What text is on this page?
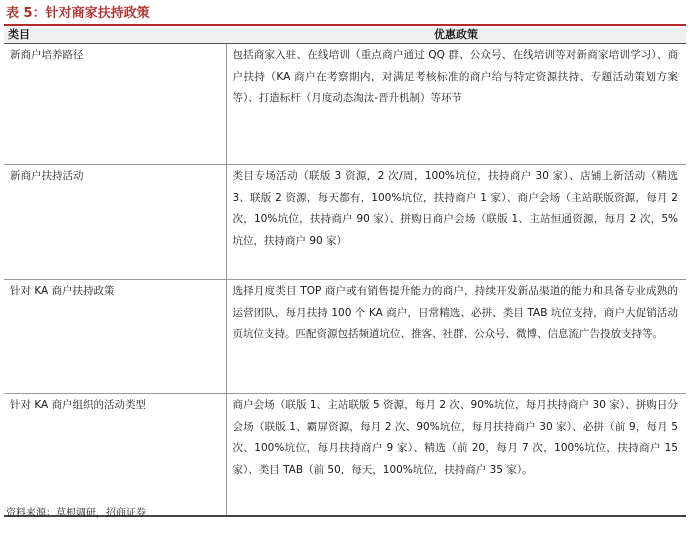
表 5：针对商家扶持政策
类目	优惠政策
新商户培养路径	包括商家入驻、在线培训（重点商户通过 QQ 群、公众号、在线培训等对新商家培训学习）、商户扶持（KA 商户在考察期内，对满足考核标准的商户给与特定资源扶持、专题活动策划方案等）、打造标杆（月度动态淘汰-晋升机制）等环节
新商户扶持活动	类目专场活动（联版 3 资源，2 次/周，100%坑位，扶持商户 30 家）、店铺上新活动（精选 3、联版 2 资源，每天都有，100%坑位，扶持商户 1 家）、商户会场（主站联版资源，每月 2 次，10%坑位，扶持商户 90 家）、拼购日商户会场（联版 1、主站恒通资源，每月 2 次，5%坑位，扶持商户 90 家）
针对 KA 商户扶持政策	选择月度类目 TOP 商户或有销售提升能力的商户，持续开发新品渠道的能力和具备专业成熟的运营团队，每月扶持 100 个 KA 商户，日常精选、必拼、类目 TAB 坑位支持，商户大促销活动页坑位支持。匹配资源包括频道坑位、推客、社群、公众号、微博、信息流广告投放支持等。
针对 KA 商户组织的活动类型	商户会场（联版 1、主站联版 5 资源，每月 2 次、90%坑位，每月扶持商户 30 家）、拼购日分会场（联版 1、霸屏资源，每月 2 次、90%坑位，每月扶持商户 30 家）、必拼（前 9，每月 5 次、100%坑位，每月扶持商户 9 家）、精选（前 20，每月 7 次，100%坑位，扶持商户 15 家）、类目 TAB（前 50，每天，100%坑位，扶持商户 35 家）。
资料来源：草根调研，招商证券
